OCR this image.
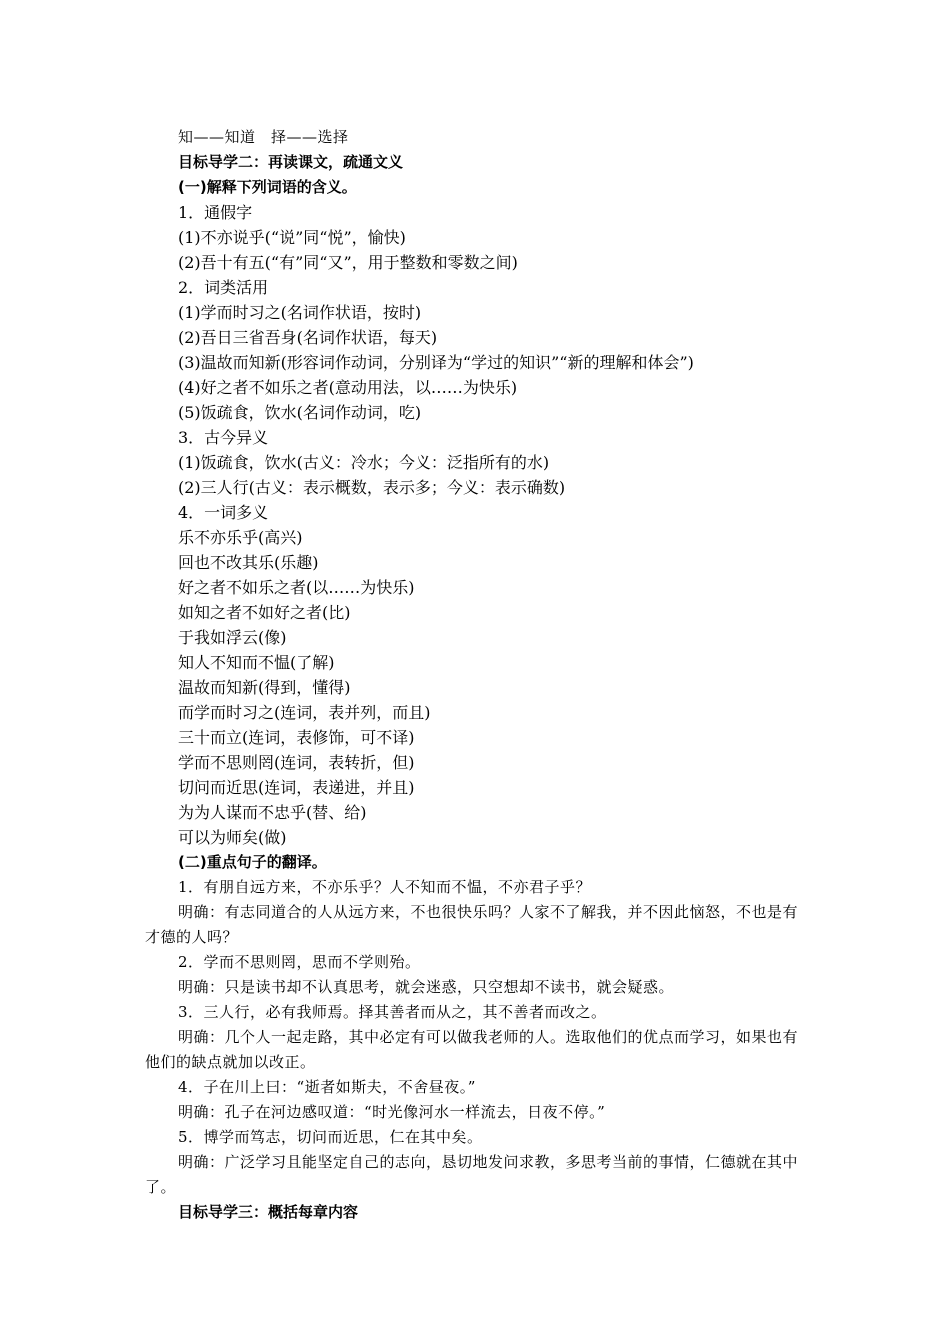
知——知道　择——选择
目标导学二：再读课文，疏通文义
(一)解释下列词语的含义。
1．通假字
(1)不亦说乎(“说”同“悦”，愉快)
(2)吾十有五(“有”同“又”，用于整数和零数之间)
2．词类活用
(1)学而时习之(名词作状语，按时)
(2)吾日三省吾身(名词作状语，每天)
(3)温故而知新(形容词作动词，分别译为“学过的知识”“新的理解和体会”)
(4)好之者不如乐之者(意动用法，以……为快乐)
(5)饭疏食，饮水(名词作动词，吃)
3．古今异义
(1)饭疏食，饮水(古义：冷水；今义：泛指所有的水)
(2)三人行(古义：表示概数，表示多；今义：表示确数)
4．一词多义
乐不亦乐乎(高兴)
回也不改其乐(乐趣)
好之者不如乐之者(以……为快乐)
如知之者不如好之者(比)
于我如浮云(像)
知人不知而不愠(了解)
温故而知新(得到，懂得)
而学而时习之(连词，表并列，而且)
三十而立(连词，表修饰，可不译)
学而不思则罔(连词，表转折，但)
切问而近思(连词，表递进，并且)
为为人谋而不忠乎(替、给)
可以为师矣(做)
(二)重点句子的翻译。
1．有朋自远方来，不亦乐乎？人不知而不愠，不亦君子乎？
明确：有志同道合的人从远方来，不也很快乐吗？人家不了解我，并不因此恼怒，不也是有才德的人吗？
2．学而不思则罔，思而不学则殆。
明确：只是读书却不认真思考，就会迷惑，只空想却不读书，就会疑惑。
3．三人行，必有我师焉。择其善者而从之，其不善者而改之。
明确：几个人一起走路，其中必定有可以做我老师的人。选取他们的优点而学习，如果也有他们的缺点就加以改正。
4．子在川上曰：“逝者如斯夫，不舍昼夜。”
明确：孔子在河边感叹道：“时光像河水一样流去，日夜不停。”
5．博学而笃志，切问而近思，仁在其中矣。
明确：广泛学习且能坚定自己的志向，恳切地发问求教，多思考当前的事情，仁德就在其中了。
目标导学三：概括每章内容
